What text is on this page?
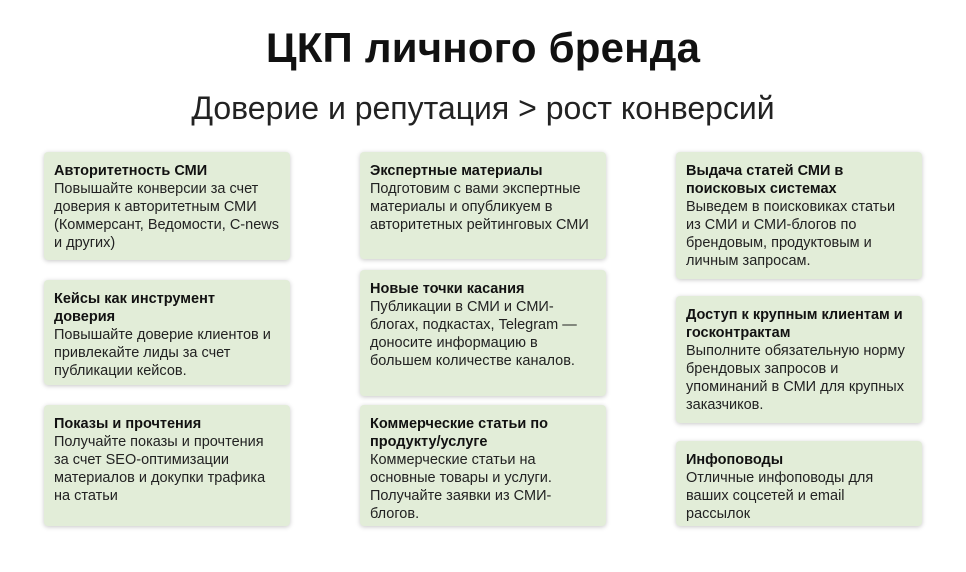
ЦКП личного бренда
Доверие и репутация > рост конверсий
Авторитетность СМИ
Повышайте конверсии за счет доверия к авторитетным СМИ (Коммерсант, Ведомости, C-news и других)
Кейсы как инструмент доверия
Повышайте доверие клиентов и привлекайте лиды за счет публикации кейсов.
Показы и прочтения
Получайте показы и прочтения за счет SEO-оптимизации материалов и докупки трафика на статьи
Экспертные материалы
Подготовим с вами экспертные материалы и опубликуем в авторитетных рейтинговых СМИ
Новые точки касания
Публикации в СМИ и СМИ-блогах, подкастах, Telegram — доносите информацию в большем количестве каналов.
Коммерческие статьи по продукту/услуге
Коммерческие статьи на основные товары и услуги. Получайте заявки из СМИ-блогов.
Выдача статей СМИ в поисковых системах
Выведем в поисковиках статьи из СМИ и СМИ-блогов по брендовым, продуктовым и личным запросам.
Доступ к крупным клиентам и госконтрактам
Выполните обязательную норму брендовых запросов и упоминаний в СМИ для крупных заказчиков.
Инфоповоды
Отличные инфоповоды для ваших соцсетей и email рассылок
